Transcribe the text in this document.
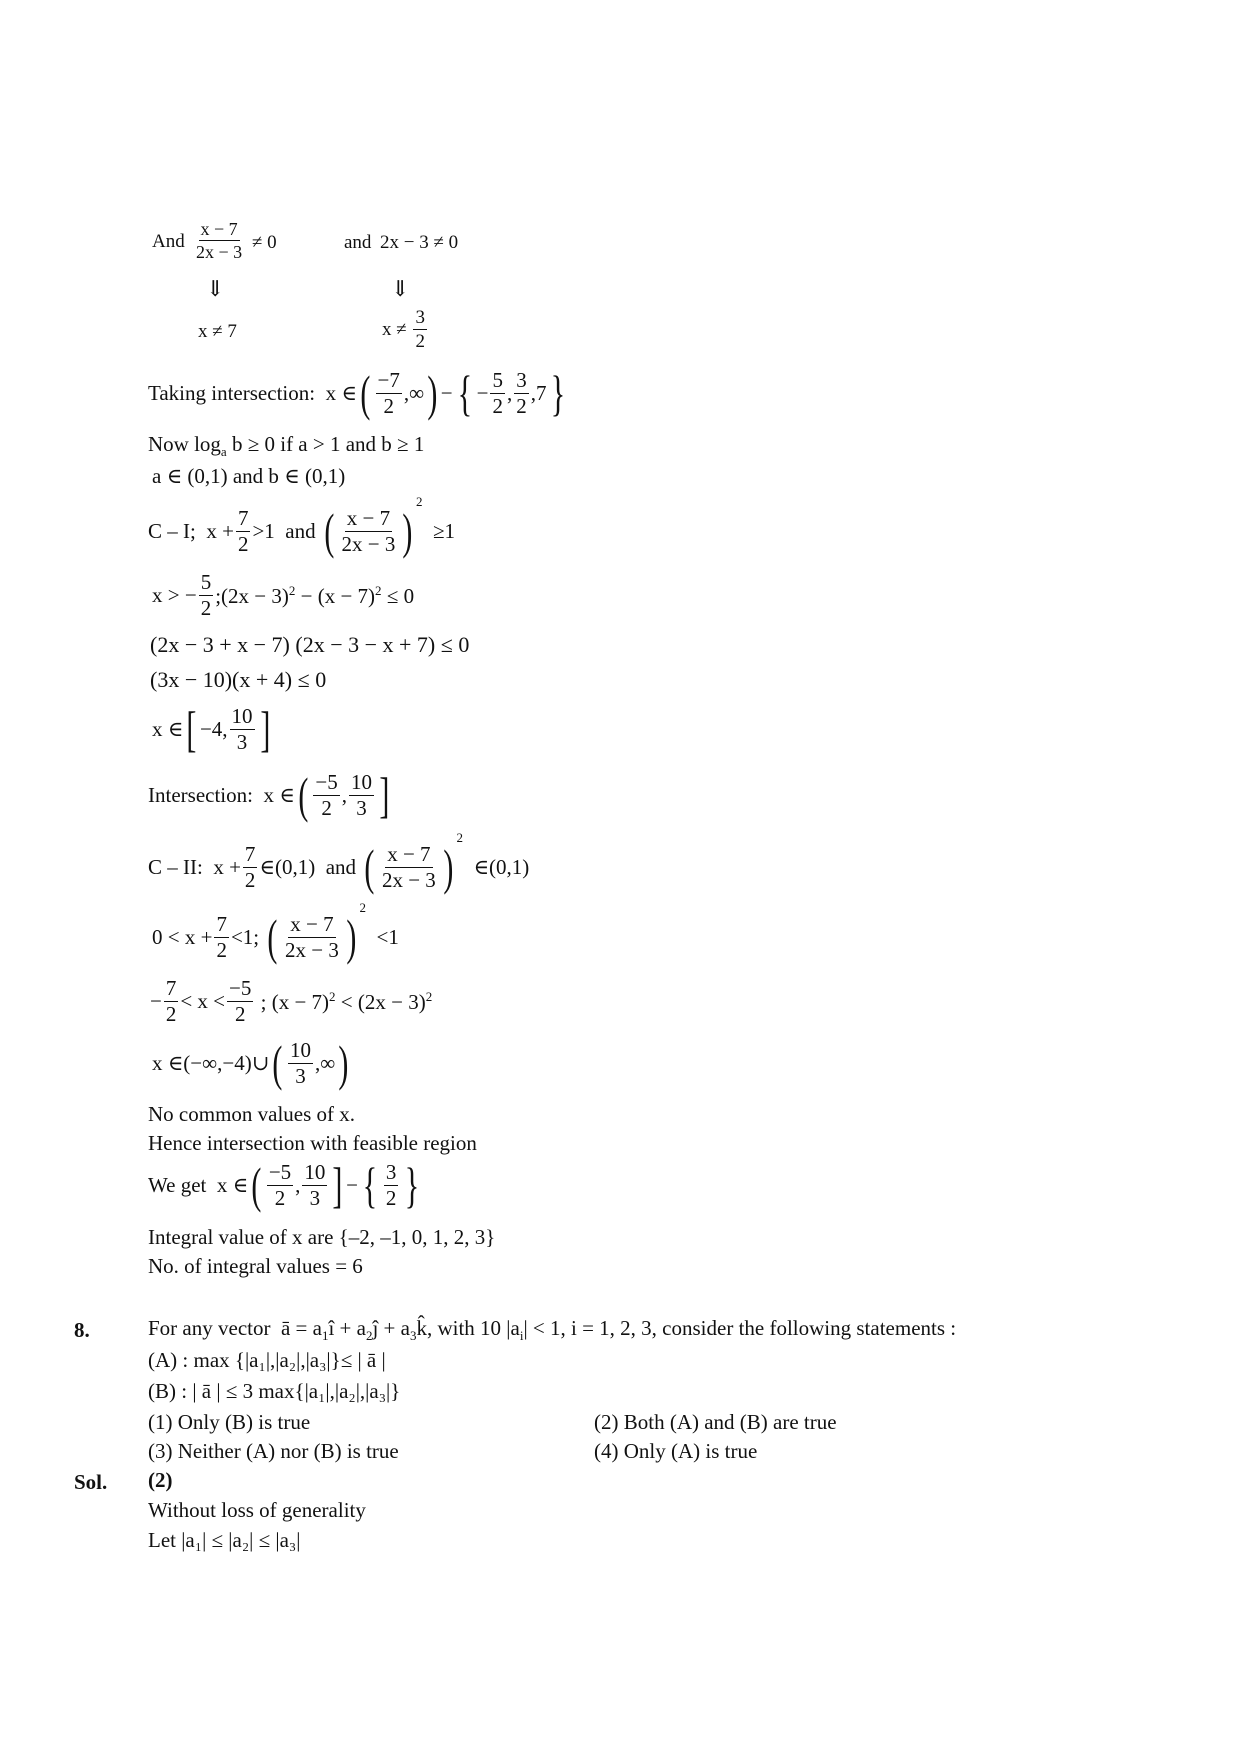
And $\frac{x - 7}{2x - 3} \ne 0$	and 2x − 3 ≠ 0
⇓	⇓
x ≠ 7	$x \ne \frac{3}{2}$
Taking intersection:  x ∈( $\frac{-7}{2}$ ,∞) −{ − $\frac{5}{2}$ , $\frac{3}{2} ,7$}
Now $\log_a b \ge 0$ if a > 1 and b ≥ 1
a ∈ (0,1) and b ∈ (0,1)
C – I;  $x + \frac{7}{2} >1$  and ( $\frac{x - 7}{2x - 3} )^2 \ge 1$
x > − $\frac{5}{2}$ ;(2x − $3)^2 - (x - 7)^2 \le 0$
(2x − 3 + x − 7) (2x − 3 − x + 7) ≤ 0
(3x − 10)(x + 4) ≤ 0
x ∈[ −4, $\frac{10}{3}$ ]
Intersection:  x ∈( $\frac{-5}{2}$ , $\frac{10}{3}$ ]
C – II:  $x + \frac{7}{2}$ ∈(0,1)  and ( $\frac{x - 7}{2x - 3} )^2$  ∈(0,1)
$0 < x + \frac{7}{2} <1$; ( $\frac{x - 7}{2x - 3} )^2 <1$
− $\frac{7}{2} < x < \frac{-5}{2}$ ; $(x - 7)^2 < (2x - 3)^2$
x ∈(−∞,−4)∪( $\frac{10}{3}$ ,∞)
No common values of x.
Hence intersection with feasible region
We get  x ∈( $\frac{-5}{2}$ , $\frac{10}{3}$ ] −{ $\frac{3}{2}$ }
Integral value of x are {–2, –1, 0, 1, 2, 3}
No. of integral values = 6
8.	For any vector  ā = $a_1î$ + $a_2ĵ$ + $a_3k̂$, with 10 $|a_i| < 1$, i = 1, 2, 3, consider the following statements :
(A) : max {|a₁|,|a₂|,|a₃|}≤ | ā |
(B) : | ā | ≤ 3 max{|a₁|,|a₂|,|a₃|}
(1) Only (B) is true	(2) Both (A) and (B) are true
(3) Neither (A) nor (B) is true	(4) Only (A) is true
Sol. (2)
Without loss of generality
Let |a₁| ≤ |a₂| ≤ |a₃|
